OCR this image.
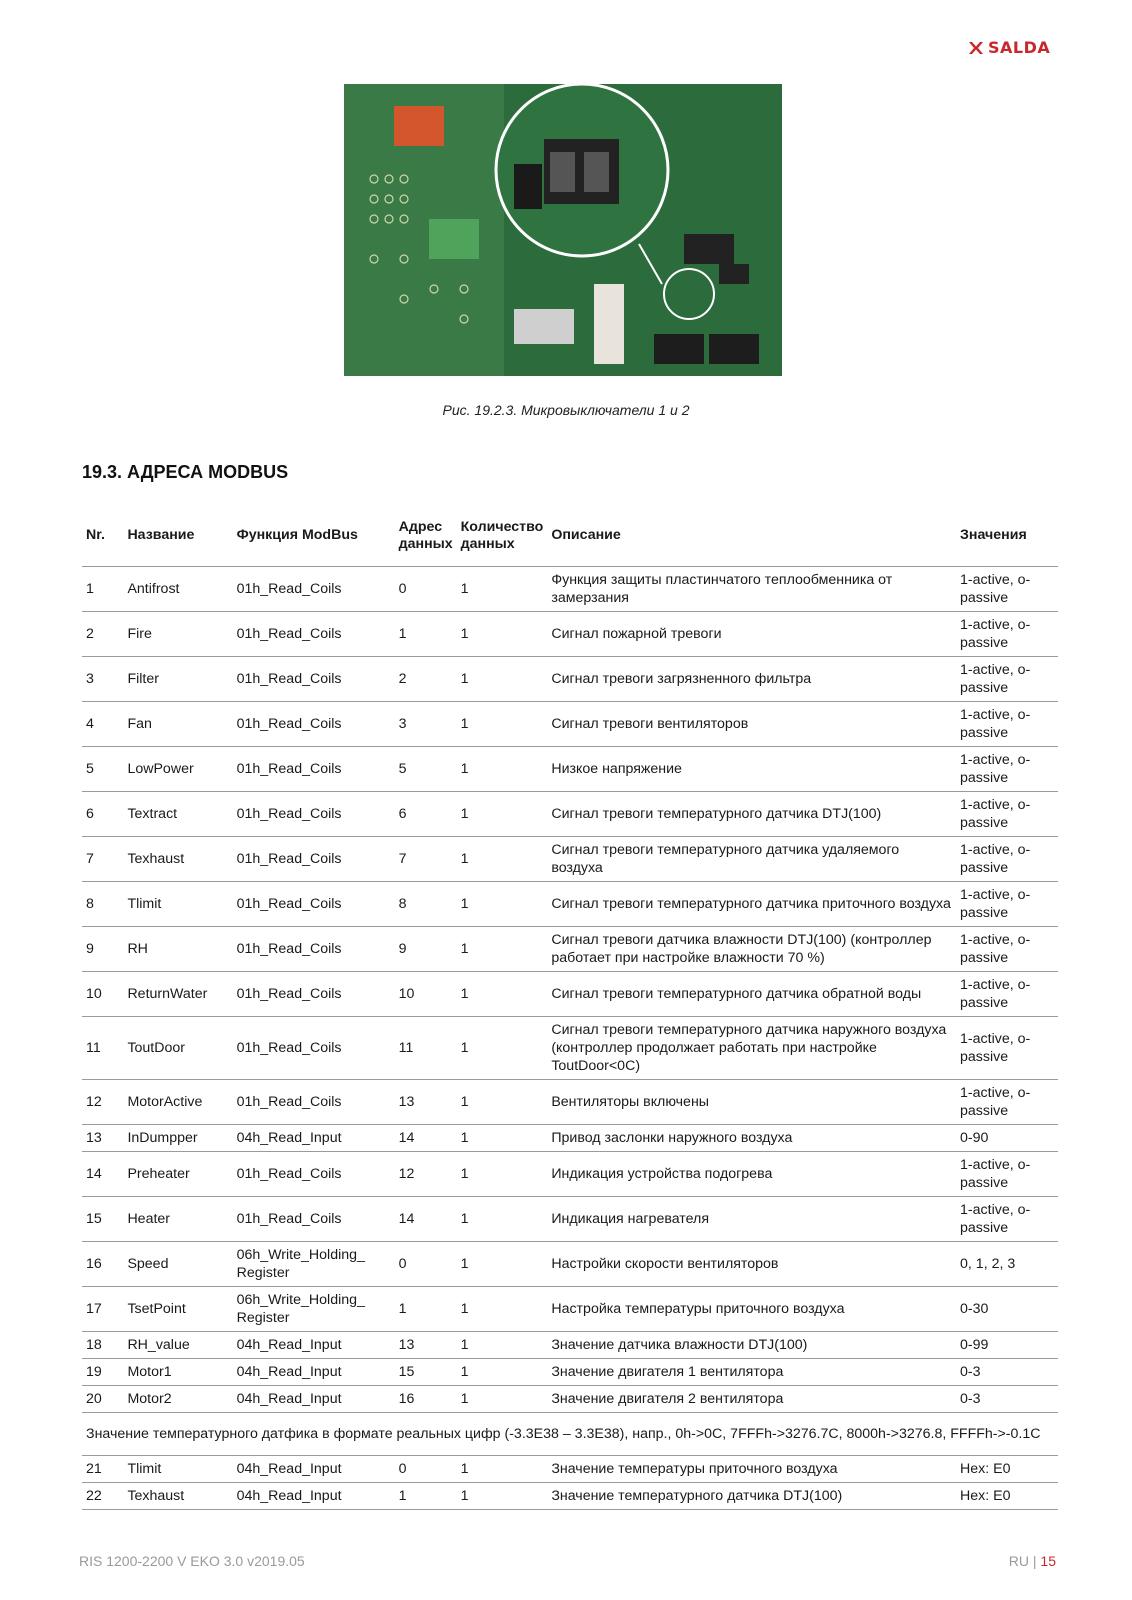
SALDA
Рис. 19.2.3. Микровыключатели 1 и 2
19.3. АДРЕСА MODBUS
Nr.	Название	Функция ModBus	Адрес данных	Количество данных	Описание	Значения
1	Antifrost	01h_Read_Coils	0	1	Функция защиты пластинчатого теплообменника от замерзания	1-active, o-passive
2	Fire	01h_Read_Coils	1	1	Сигнал пожарной тревоги	1-active, o-passive
3	Filter	01h_Read_Coils	2	1	Сигнал тревоги загрязненного фильтра	1-active, o-passive
4	Fan	01h_Read_Coils	3	1	Сигнал тревоги вентиляторов	1-active, o-passive
5	LowPower	01h_Read_Coils	5	1	Низкое напряжение	1-active, o-passive
6	Textract	01h_Read_Coils	6	1	Сигнал тревоги температурного датчика DTJ(100)	1-active, o-passive
7	Texhaust	01h_Read_Coils	7	1	Сигнал тревоги температурного датчика удаляемого воздуха	1-active, o-passive
8	Tlimit	01h_Read_Coils	8	1	Сигнал тревоги температурного датчика приточного воздуха	1-active, o-passive
9	RH	01h_Read_Coils	9	1	Сигнал тревоги датчика влажности DTJ(100) (контроллер работает при настройке влажности 70 %)	1-active, o-passive
10	ReturnWater	01h_Read_Coils	10	1	Сигнал тревоги температурного датчика обратной воды	1-active, o-passive
11	ToutDoor	01h_Read_Coils	11	1	Сигнал тревоги температурного датчика наружного воздуха (контроллер продолжает работать при настройке ToutDoor<0C)	1-active, o-passive
12	MotorActive	01h_Read_Coils	13	1	Вентиляторы включены	1-active, o-passive
13	InDumpper	04h_Read_Input	14	1	Привод заслонки наружного воздуха	0-90
14	Preheater	01h_Read_Coils	12	1	Индикация устройства подогрева	1-active, o-passive
15	Heater	01h_Read_Coils	14	1	Индикация нагревателя	1-active, o-passive
16	Speed	06h_Write_Holding_ Register	0	1	Настройки скорости вентиляторов	0, 1, 2, 3
17	TsetPoint	06h_Write_Holding_ Register	1	1	Настройка температуры приточного воздуха	0-30
18	RH_value	04h_Read_Input	13	1	Значение датчика влажности DTJ(100)	0-99
19	Motor1	04h_Read_Input	15	1	Значение двигателя 1 вентилятора	0-3
20	Motor2	04h_Read_Input	16	1	Значение двигателя 2 вентилятора	0-3
Значение температурного датфика в формате реальных цифр (-3.3E38 – 3.3E38), напр., 0h->0C, 7FFFh->3276.7C, 8000h->3276.8, FFFFh->-0.1C						
21	Tlimit	04h_Read_Input	0	1	Значение температуры приточного воздуха	Hex: E0
22	Texhaust	04h_Read_Input	1	1	Значение температурного датчика DTJ(100)	Hex: E0
RIS 1200-2200 V EKO 3.0 v2019.05	RU | 15
